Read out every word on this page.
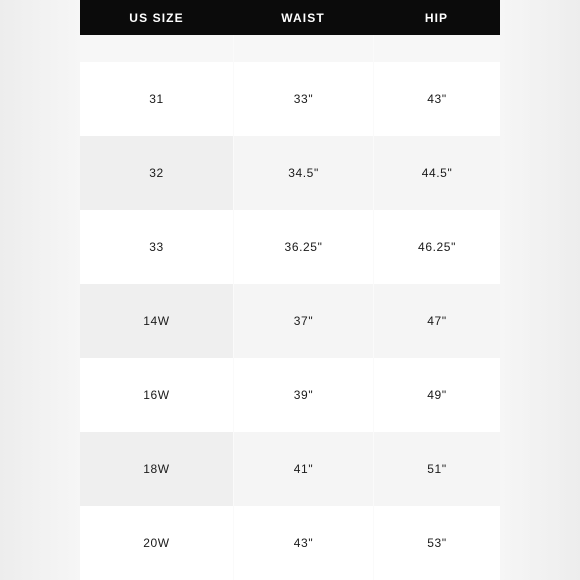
US SIZE	WAIST	HIP
31	33"	43"
32	34.5"	44.5"
33	36.25"	46.25"
14W	37"	47"
16W	39"	49"
18W	41"	51"
20W	43"	53"
